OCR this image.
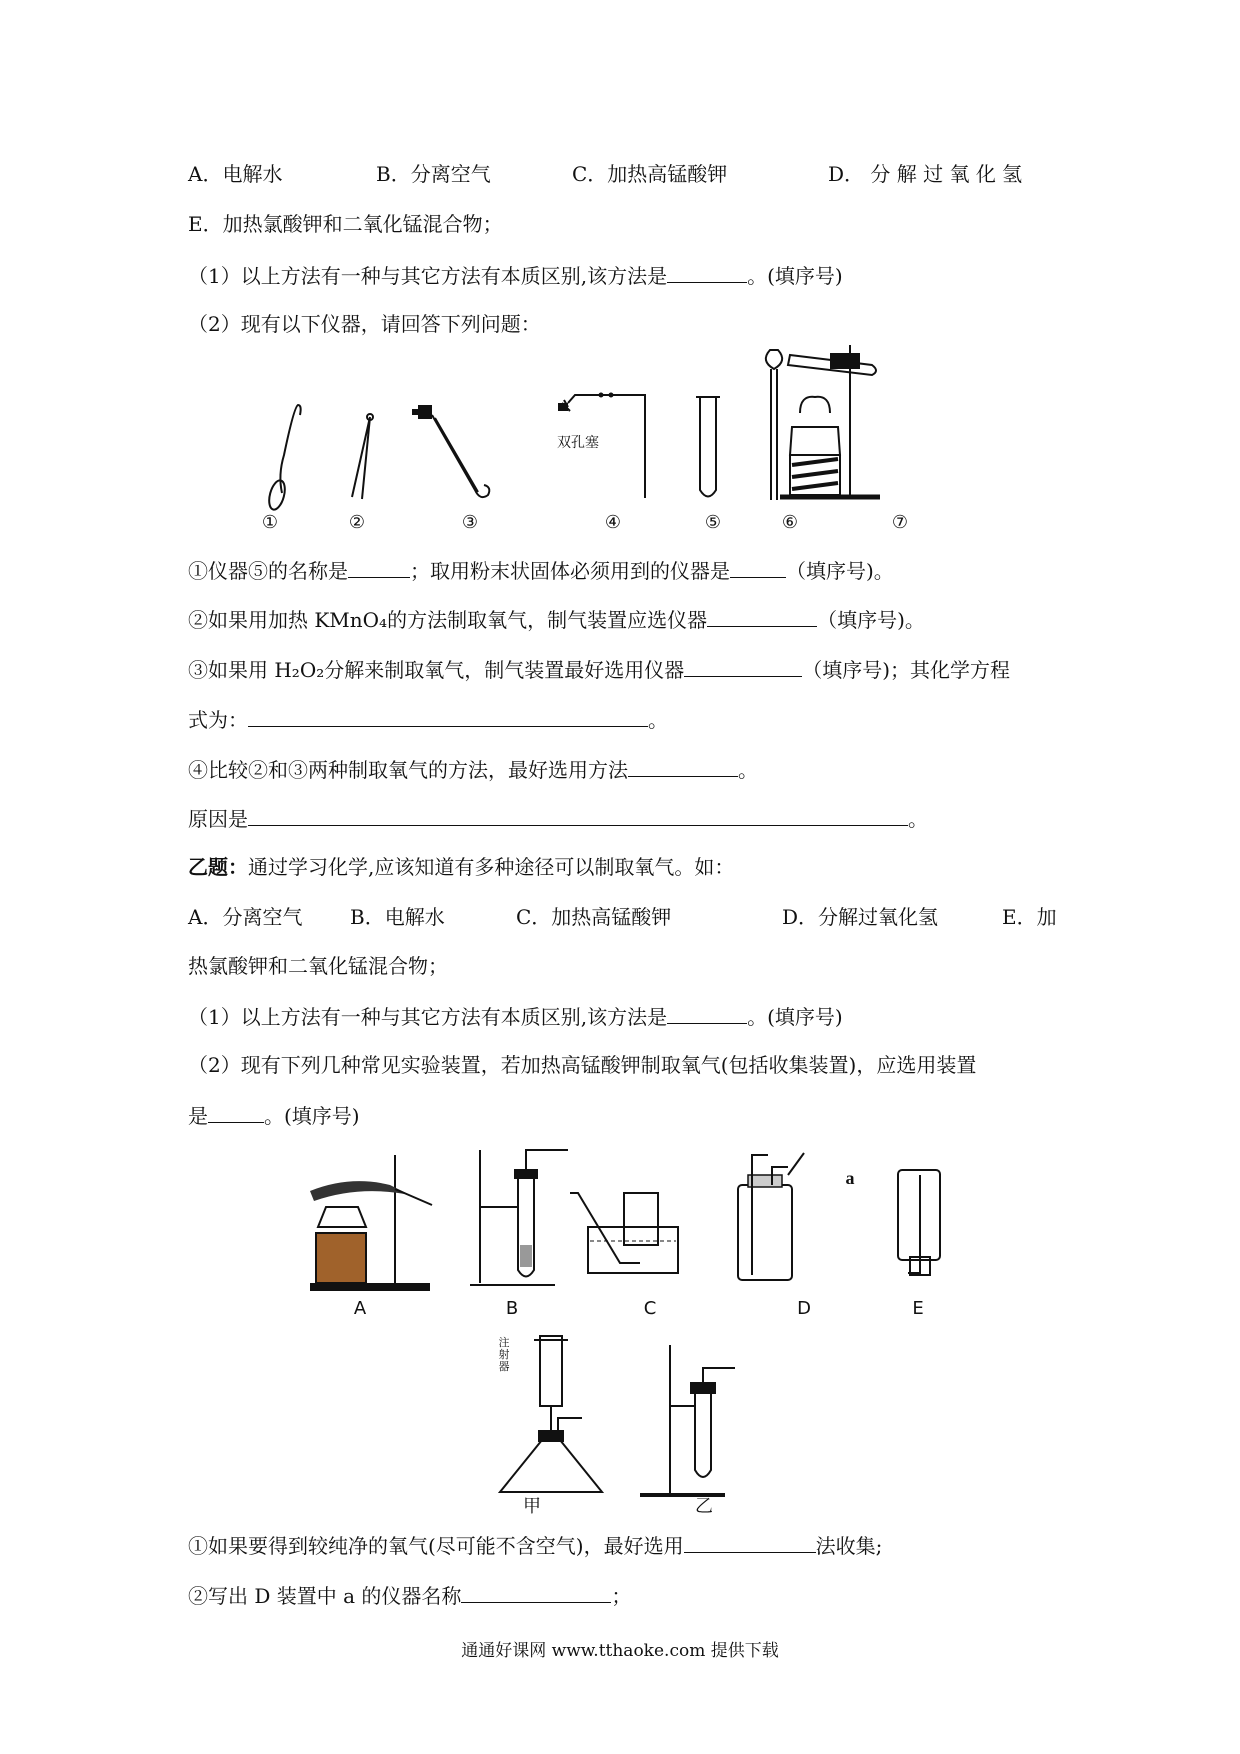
A．电解水	B．分离空气	C．加热高锰酸钾	D． 分 解 过 氧 化 氢
E．加热氯酸钾和二氧化锰混合物；
（1）以上方法有一种与其它方法有本质区别,该方法是	。(填序号)
（2）现有以下仪器，请回答下列问题：
①	②	③	④	⑤	⑥	⑦
双孔塞
①仪器⑤的名称是	；取用粉末状固体必须用到的仪器是	（填序号)。
②如果用加热 KMnO₄的方法制取氧气，制气装置应选仪器	（填序号)。
③如果用 H₂O₂分解来制取氧气，制气装置最好选用仪器	（填序号)；其化学方程
式为：	。
④比较②和③两种制取氧气的方法，最好选用方法	。
原因是	。
乙题：通过学习化学,应该知道有多种途径可以制取氧气。如：
A．分离空气 B．电解水	C．加热高锰酸钾	D．分解过氧化氢	E．加
热氯酸钾和二氧化锰混合物；
（1）以上方法有一种与其它方法有本质区别,该方法是	。(填序号)
（2）现有下列几种常见实验装置，若加热高锰酸钾制取氧气(包括收集装置)，应选用装置
是	。(填序号)
A	B	C	D	E
a
注射器
甲	乙
①如果要得到较纯净的氧气(尽可能不含空气)，最好选用	法收集;
②写出 D 装置中 a 的仪器名称	；
通通好课网 www.tthaoke.com 提供下载
